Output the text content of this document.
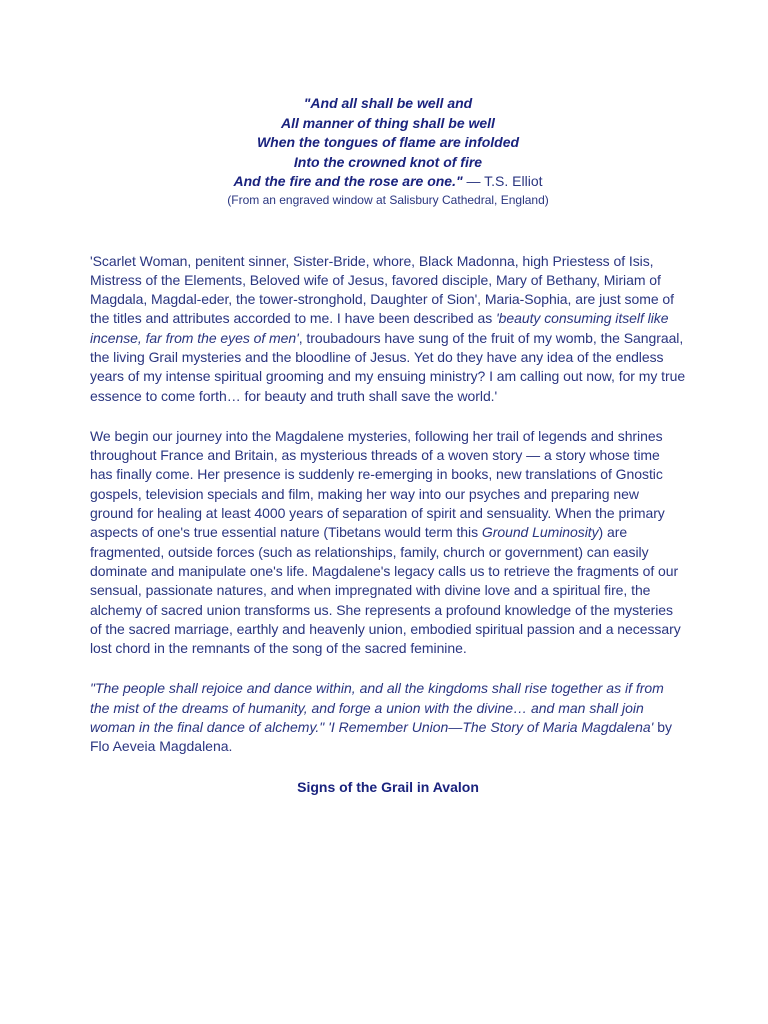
"And all shall be well and
All manner of thing shall be well
When the tongues of flame are infolded
Into the crowned knot of fire
And the fire and the rose are one." — T.S. Elliot
(From an engraved window at Salisbury Cathedral, England)

'Scarlet Woman, penitent sinner, Sister-Bride, whore, Black Madonna, high Priestess of Isis, Mistress of the Elements, Beloved wife of Jesus, favored disciple, Mary of Bethany, Miriam of Magdala, Magdal-eder, the tower-stronghold, Daughter of Sion', Maria-Sophia, are just some of the titles and attributes accorded to me. I have been described as 'beauty consuming itself like incense, far from the eyes of men', troubadours have sung of the fruit of my womb, the Sangraal, the living Grail mysteries and the bloodline of Jesus. Yet do they have any idea of the endless years of my intense spiritual grooming and my ensuing ministry? I am calling out now, for my true essence to come forth… for beauty and truth shall save the world.'

We begin our journey into the Magdalene mysteries, following her trail of legends and shrines throughout France and Britain, as mysterious threads of a woven story — a story whose time has finally come. Her presence is suddenly re-emerging in books, new translations of Gnostic gospels, television specials and film, making her way into our psyches and preparing new ground for healing at least 4000 years of separation of spirit and sensuality. When the primary aspects of one's true essential nature (Tibetans would term this Ground Luminosity) are fragmented, outside forces (such as relationships, family, church or government) can easily dominate and manipulate one's life. Magdalene's legacy calls us to retrieve the fragments of our sensual, passionate natures, and when impregnated with divine love and a spiritual fire, the alchemy of sacred union transforms us. She represents a profound knowledge of the mysteries of the sacred marriage, earthly and heavenly union, embodied spiritual passion and a necessary lost chord in the remnants of the song of the sacred feminine.

"The people shall rejoice and dance within, and all the kingdoms shall rise together as if from the mist of the dreams of humanity, and forge a union with the divine… and man shall join woman in the final dance of alchemy." 'I Remember Union—The Story of Maria Magdalena' by Flo Aeveia Magdalena.

Signs of the Grail in Avalon
